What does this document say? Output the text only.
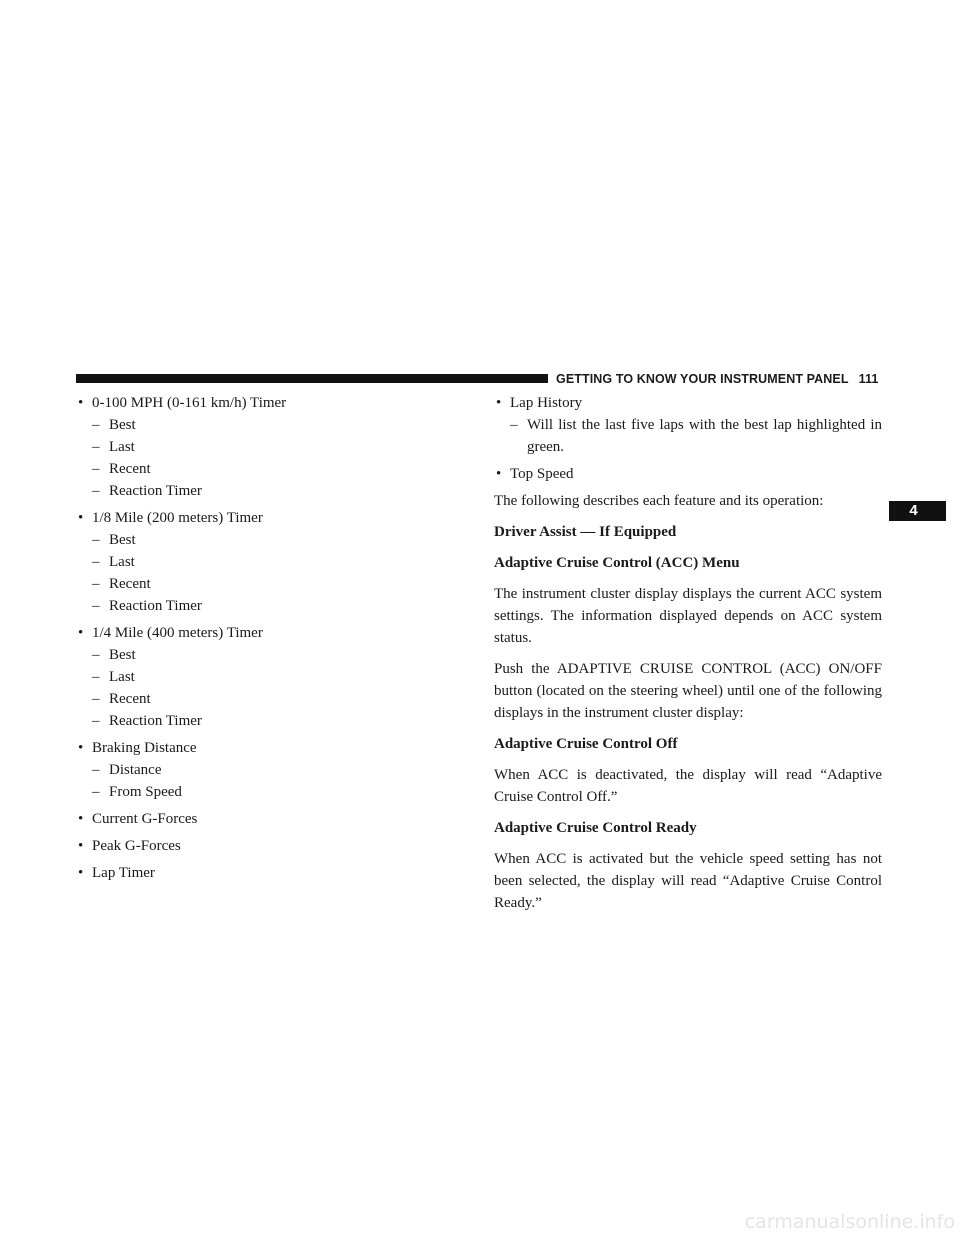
GETTING TO KNOW YOUR INSTRUMENT PANEL 111
4
• 0-100 MPH (0-161 km/h) Timer
– Best
– Last
– Recent
– Reaction Timer
• 1/8 Mile (200 meters) Timer
– Best
– Last
– Recent
– Reaction Timer
• 1/4 Mile (400 meters) Timer
– Best
– Last
– Recent
– Reaction Timer
• Braking Distance
– Distance
– From Speed
• Current G-Forces
• Peak G-Forces
• Lap Timer
• Lap History
– Will list the last five laps with the best lap highlighted in green.
• Top Speed

The following describes each feature and its operation:

Driver Assist — If Equipped

Adaptive Cruise Control (ACC) Menu

The instrument cluster display displays the current ACC system settings. The information displayed depends on ACC system status.

Push the ADAPTIVE CRUISE CONTROL (ACC) ON/OFF button (located on the steering wheel) until one of the following displays in the instrument cluster display:

Adaptive Cruise Control Off

When ACC is deactivated, the display will read “Adaptive Cruise Control Off.”

Adaptive Cruise Control Ready

When ACC is activated but the vehicle speed setting has not been selected, the display will read “Adaptive Cruise Control Ready.”

carmanualsonline.info
